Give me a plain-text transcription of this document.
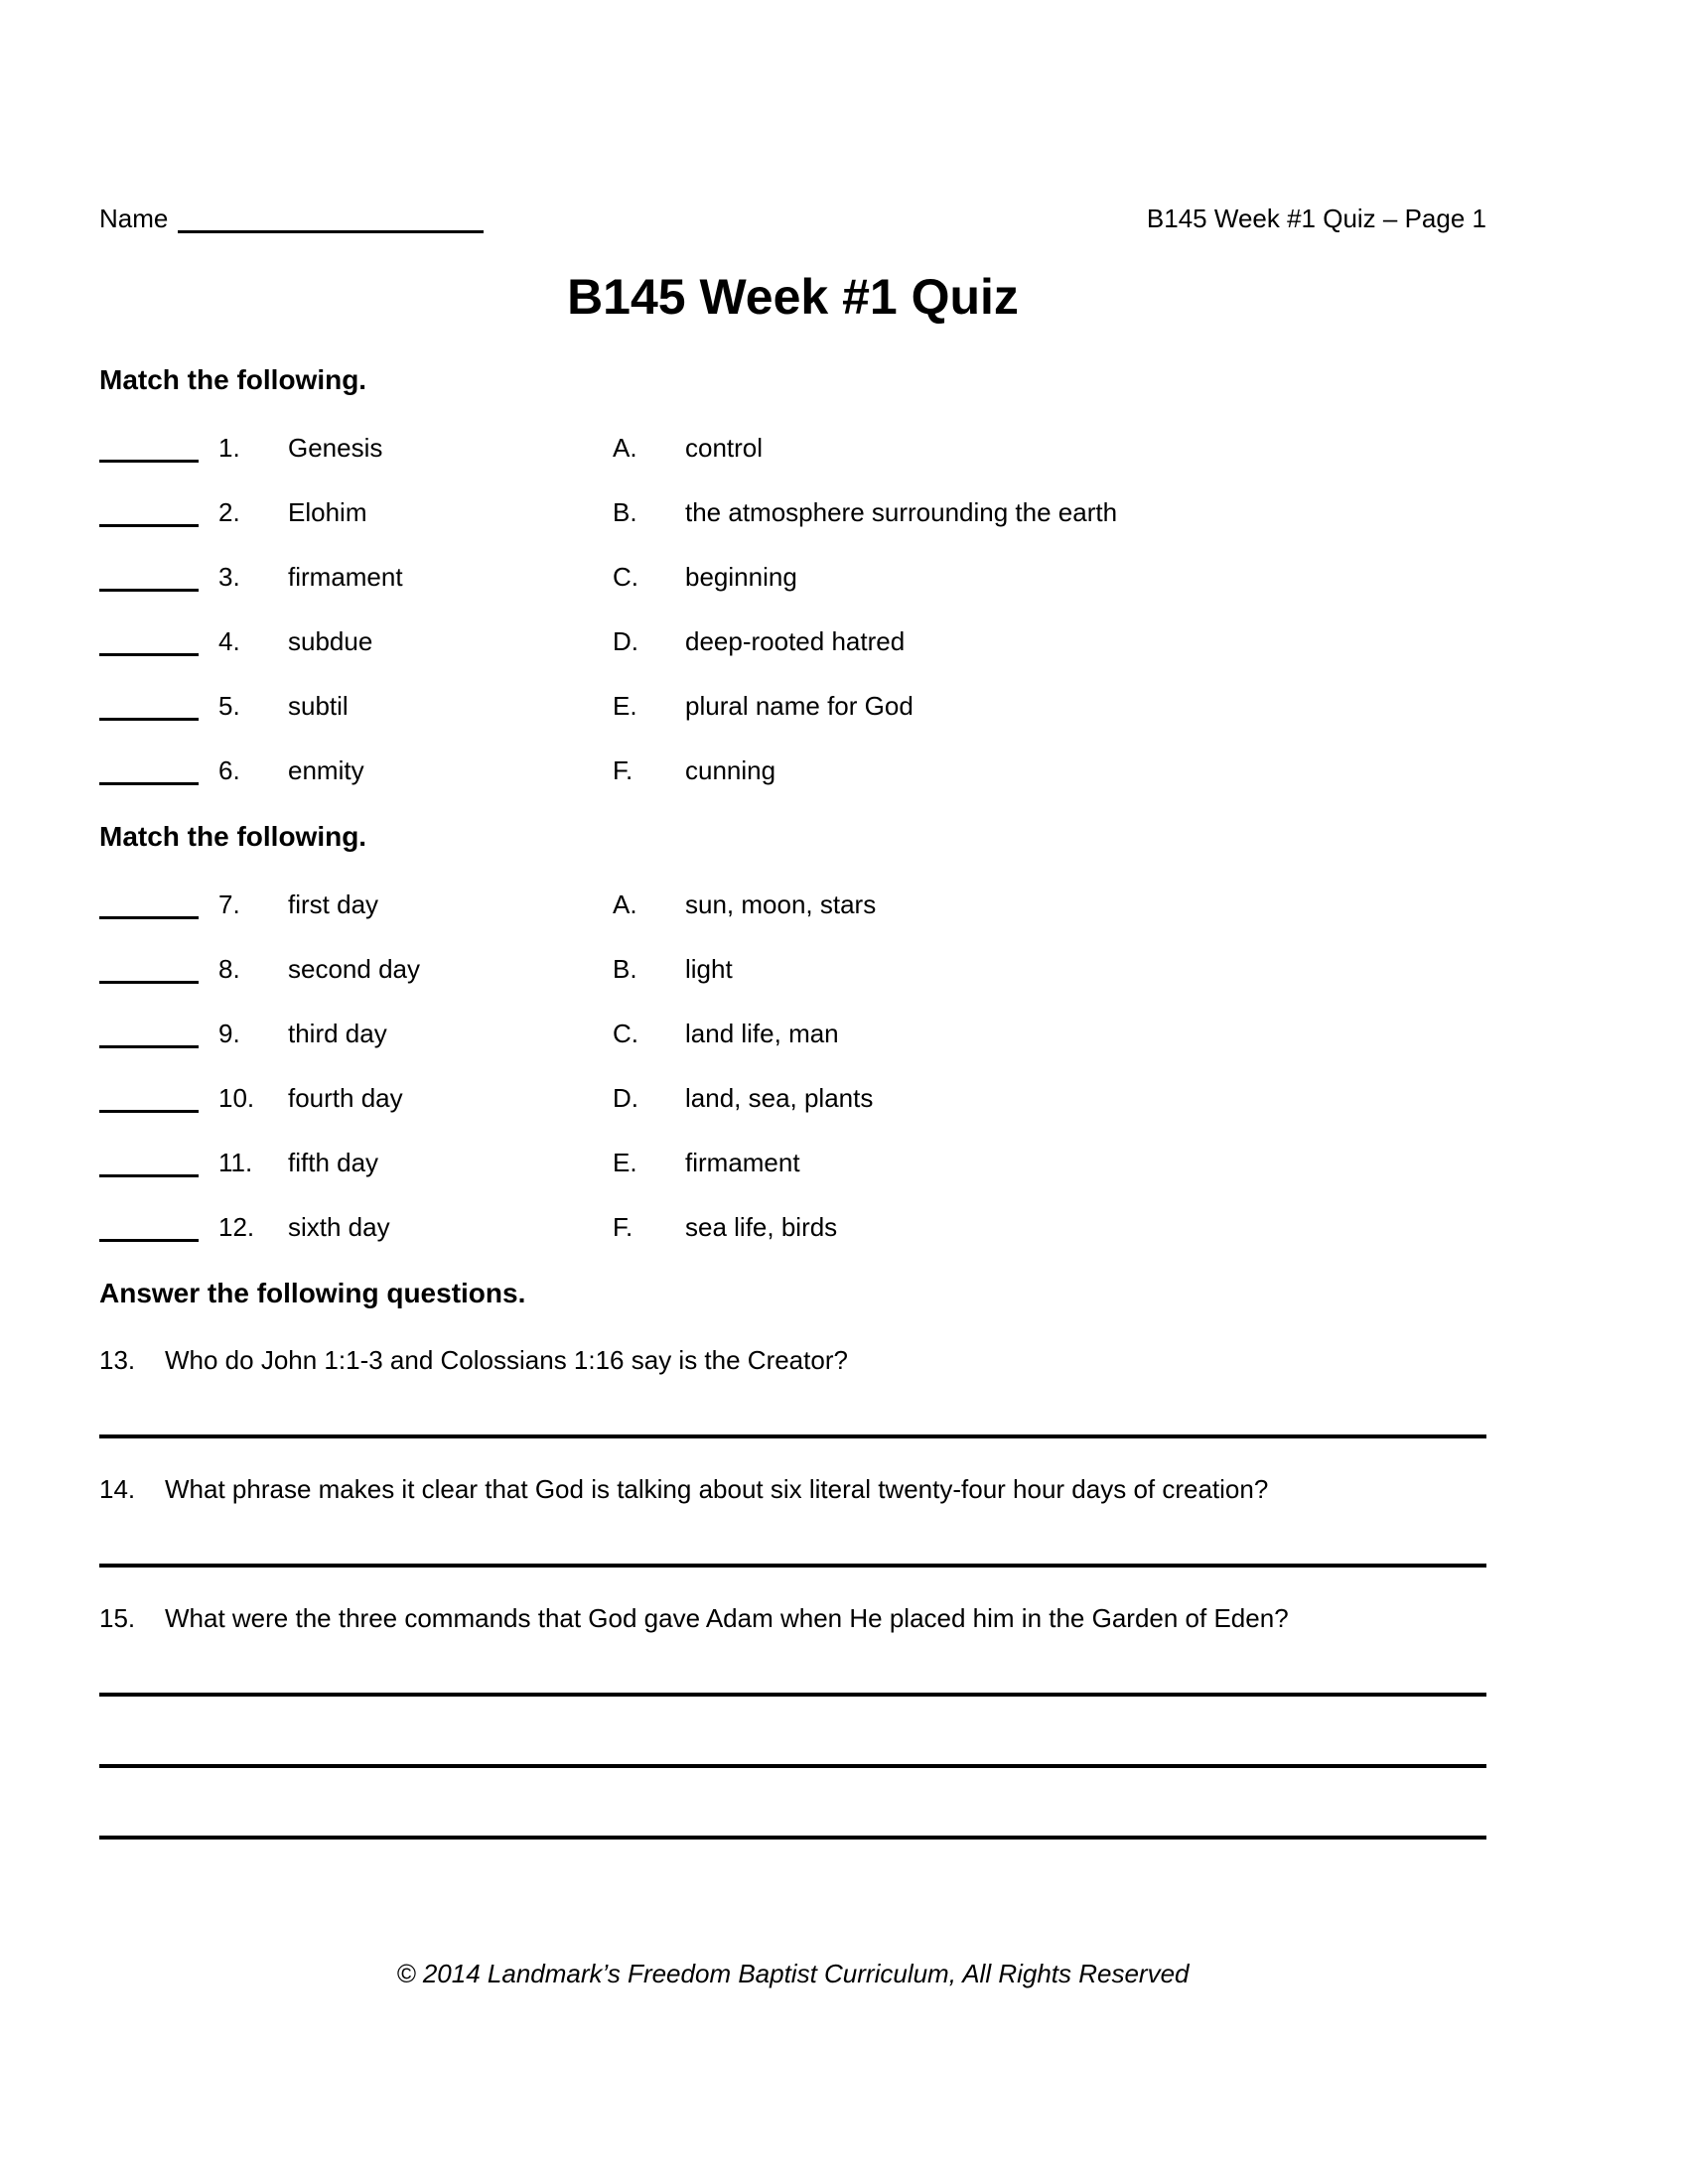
Name	B145 Week #1 Quiz – Page 1
B145 Week #1 Quiz
Match the following.
1.	Genesis	A.	control
2.	Elohim	B.	the atmosphere surrounding the earth
3.	firmament	C.	beginning
4.	subdue	D.	deep-rooted hatred
5.	subtil	E.	plural name for God
6.	enmity	F.	cunning
Match the following.
7.	first day	A.	sun, moon, stars
8.	second day	B.	light
9.	third day	C.	land life, man
10.	fourth day	D.	land, sea, plants
11.	fifth day	E.	firmament
12.	sixth day	F.	sea life, birds
Answer the following questions.
13.	Who do John 1:1-3 and Colossians 1:16 say is the Creator?
14.	What phrase makes it clear that God is talking about six literal twenty-four hour days of creation?
15.	What were the three commands that God gave Adam when He placed him in the Garden of Eden?
© 2014 Landmark’s Freedom Baptist Curriculum, All Rights Reserved
